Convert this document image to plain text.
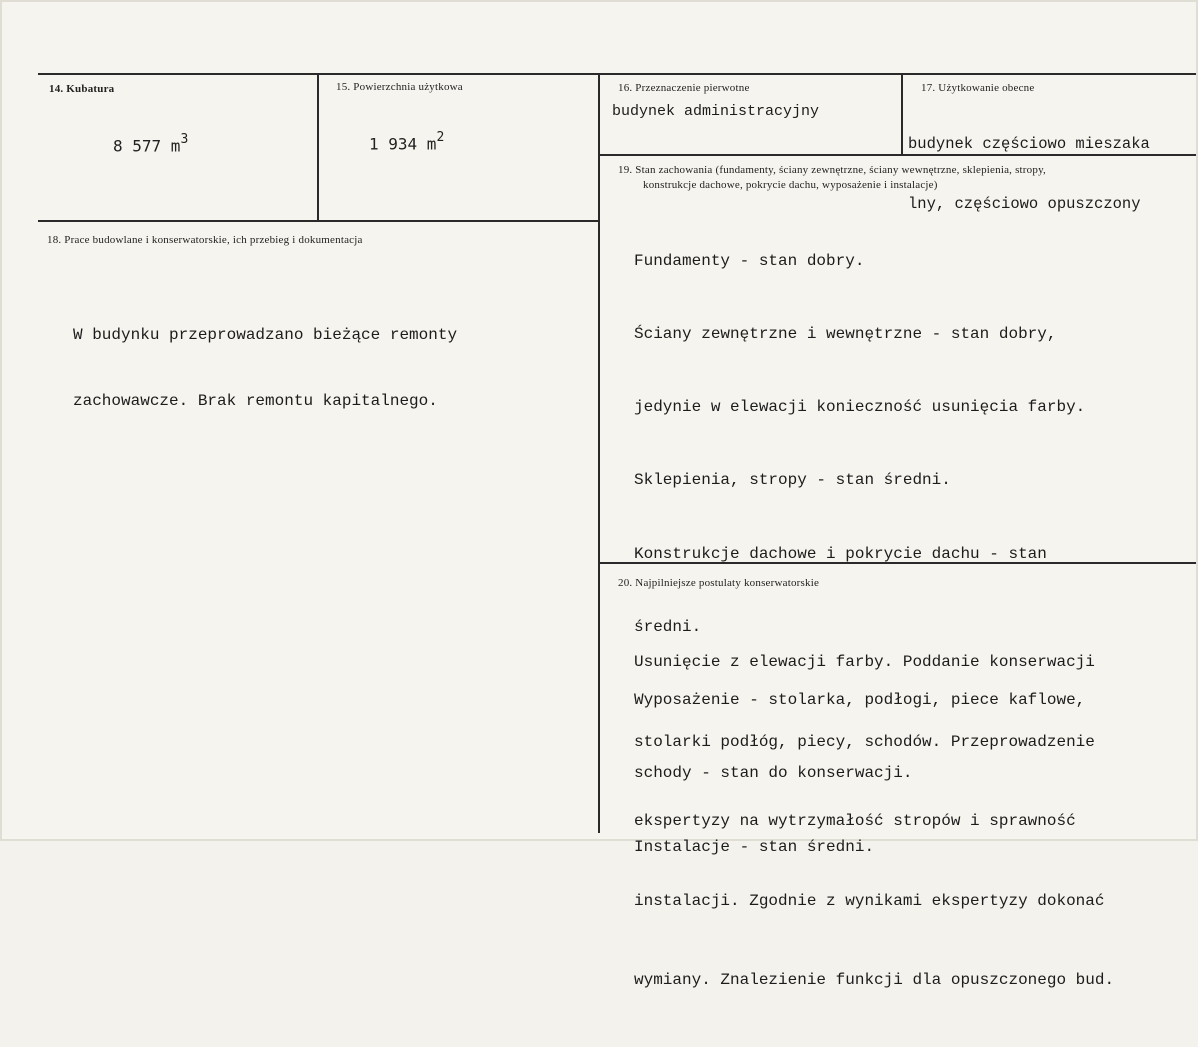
14. Kubatura
8 577 $m^3$
15. Powierzchnia użytkowa
1 934 $m^2$
16. Przeznaczenie pierwotne
budynek administracyjny
17. Użytkowanie obecne

budynek częściowo mieszaka

lny, częściowo opuszczony

18. Prace budowlane i konserwatorskie, ich przebieg i dokumentacja

W budynku przeprowadzano bieżące remonty

zachowawcze. Brak remontu kapitalnego.

19. Stan zachowania (fundamenty, ściany zewnętrzne, ściany wewnętrzne, sklepienia, stropy,
konstrukcje dachowe, pokrycie dachu, wyposażenie i instalacje)

Fundamenty - stan dobry.

Ściany zewnętrzne i wewnętrzne - stan dobry,

jedynie w elewacji konieczność usunięcia farby.

Sklepienia, stropy - stan średni.

Konstrukcje dachowe i pokrycie dachu - stan

średni.

Wyposażenie - stolarka, podłogi, piece kaflowe,

schody - stan do konserwacji.

Instalacje - stan średni.

20. Najpilniejsze postulaty konserwatorskie

Usunięcie z elewacji farby. Poddanie konserwacji

stolarki podłóg, piecy, schodów. Przeprowadzenie

ekspertyzy na wytrzymałość stropów i sprawność

instalacji. Zgodnie z wynikami ekspertyzy dokonać

wymiany. Znalezienie funkcji dla opuszczonego bud.
